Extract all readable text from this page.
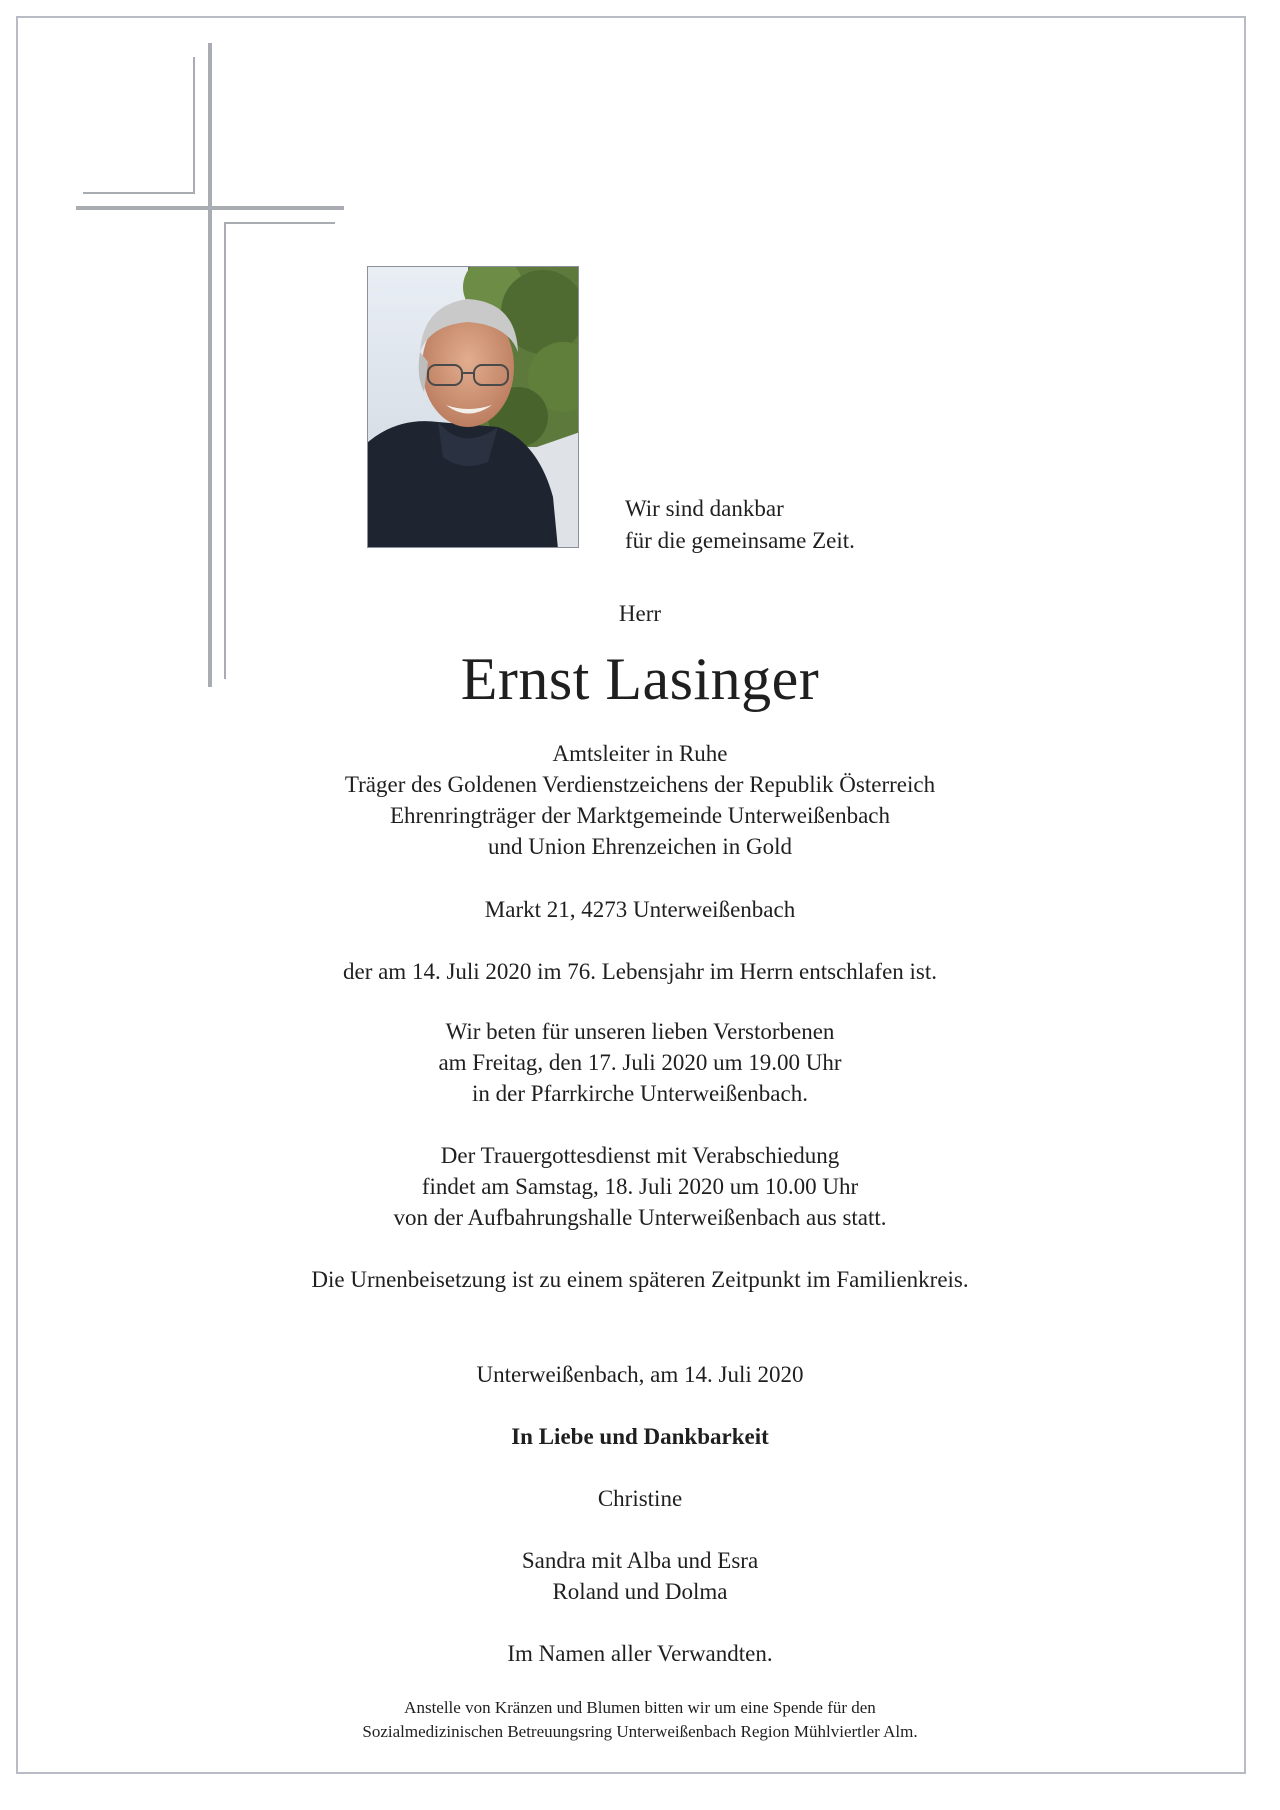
Wir sind dankbar
für die gemeinsame Zeit.
Herr
Ernst Lasinger
Amtsleiter in Ruhe
Träger des Goldenen Verdienstzeichens der Republik Österreich
Ehrenringträger der Marktgemeinde Unterweißenbach
und Union Ehrenzeichen in Gold
Markt 21, 4273 Unterweißenbach
der am 14. Juli 2020 im 76. Lebensjahr im Herrn entschlafen ist.
Wir beten für unseren lieben Verstorbenen
am Freitag, den 17. Juli 2020 um 19.00 Uhr
in der Pfarrkirche Unterweißenbach.
Der Trauergottesdienst mit Verabschiedung
findet am Samstag, 18. Juli 2020 um 10.00 Uhr
von der Aufbahrungshalle Unterweißenbach aus statt.
Die Urnenbeisetzung ist zu einem späteren Zeitpunkt im Familienkreis.
Unterweißenbach, am 14. Juli 2020
In Liebe und Dankbarkeit
Christine
Sandra mit Alba und Esra
Roland und Dolma
Im Namen aller Verwandten.
Anstelle von Kränzen und Blumen bitten wir um eine Spende für den
Sozialmedizinischen Betreuungsring Unterweißenbach Region Mühlviertler Alm.
